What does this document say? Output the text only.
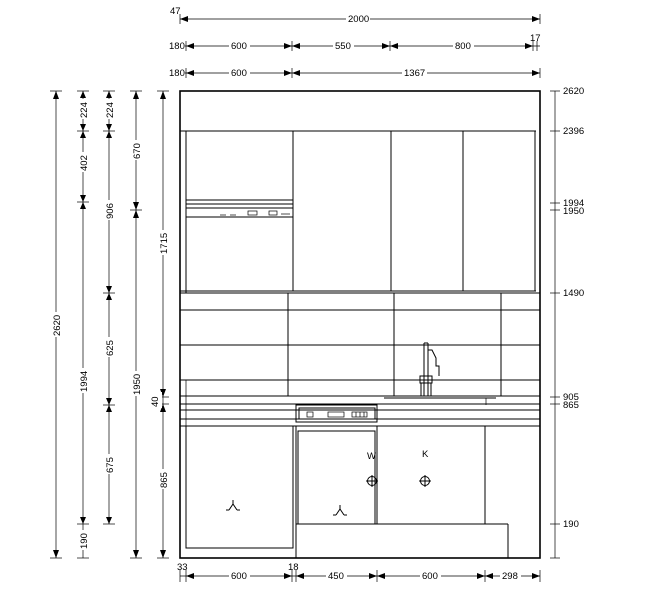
47
2000
180	600	550	800
17
180	600	1367
2620
224
402
1994
190
224
906
625
675
670
1950
1715
40
865
2620
2396
1994
1950
1490
905
865
190
33
600
18
450	600	298
W	K
